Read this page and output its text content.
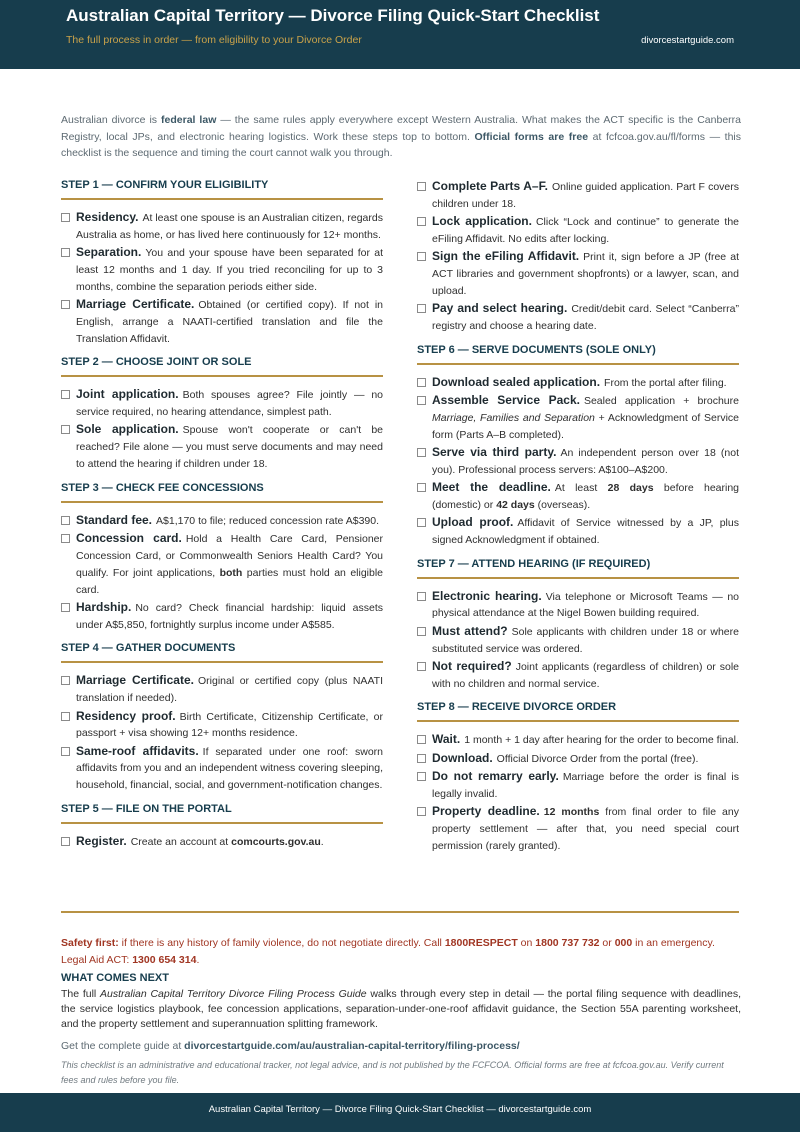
Australian Capital Territory — Divorce Filing Quick-Start Checklist
The full process in order — from eligibility to your Divorce Order	divorcestartguide.com
Australian divorce is federal law — the same rules apply everywhere except Western Australia. What makes the ACT specific is the Canberra Registry, local JPs, and electronic hearing logistics. Work these steps top to bottom. Official forms are free at fcfcoa.gov.au/fl/forms — this checklist is the sequence and timing the court cannot walk you through.
STEP 1 — CONFIRM YOUR ELIGIBILITY
Residency. At least one spouse is an Australian citizen, regards Australia as home, or has lived here continuously for 12+ months.
Separation. You and your spouse have been separated for at least 12 months and 1 day. If you tried reconciling for up to 3 months, combine the separation periods either side.
Marriage Certificate. Obtained (or certified copy). If not in English, arrange a NAATI-certified translation and file the Translation Affidavit.
STEP 2 — CHOOSE JOINT OR SOLE
Joint application. Both spouses agree? File jointly — no service required, no hearing attendance, simplest path.
Sole application. Spouse won't cooperate or can't be reached? File alone — you must serve documents and may need to attend the hearing if children under 18.
STEP 3 — CHECK FEE CONCESSIONS
Standard fee. A$1,170 to file; reduced concession rate A$390.
Concession card. Hold a Health Care Card, Pensioner Concession Card, or Commonwealth Seniors Health Card? You qualify. For joint applications, both parties must hold an eligible card.
Hardship. No card? Check financial hardship: liquid assets under A$5,850, fortnightly surplus income under A$585.
STEP 4 — GATHER DOCUMENTS
Marriage Certificate. Original or certified copy (plus NAATI translation if needed).
Residency proof. Birth Certificate, Citizenship Certificate, or passport + visa showing 12+ months residence.
Same-roof affidavits. If separated under one roof: sworn affidavits from you and an independent witness covering sleeping, household, financial, social, and government-notification changes.
STEP 5 — FILE ON THE PORTAL
Register. Create an account at comcourts.gov.au.
Complete Parts A–F. Online guided application. Part F covers children under 18.
Lock application. Click “Lock and continue” to generate the eFiling Affidavit. No edits after locking.
Sign the eFiling Affidavit. Print it, sign before a JP (free at ACT libraries and government shopfronts) or a lawyer, scan, and upload.
Pay and select hearing. Credit/debit card. Select “Canberra” registry and choose a hearing date.
STEP 6 — SERVE DOCUMENTS (SOLE ONLY)
Download sealed application. From the portal after filing.
Assemble Service Pack. Sealed application + brochure Marriage, Families and Separation + Acknowledgment of Service form (Parts A–B completed).
Serve via third party. An independent person over 18 (not you). Professional process servers: A$100–A$200.
Meet the deadline. At least 28 days before hearing (domestic) or 42 days (overseas).
Upload proof. Affidavit of Service witnessed by a JP, plus signed Acknowledgment if obtained.
STEP 7 — ATTEND HEARING (IF REQUIRED)
Electronic hearing. Via telephone or Microsoft Teams — no physical attendance at the Nigel Bowen building required.
Must attend? Sole applicants with children under 18 or where substituted service was ordered.
Not required? Joint applicants (regardless of children) or sole with no children and normal service.
STEP 8 — RECEIVE DIVORCE ORDER
Wait. 1 month + 1 day after hearing for the order to become final.
Download. Official Divorce Order from the portal (free).
Do not remarry early. Marriage before the order is final is legally invalid.
Property deadline. 12 months from final order to file any property settlement — after that, you need special court permission (rarely granted).
Safety first: if there is any history of family violence, do not negotiate directly. Call 1800RESPECT on 1800 737 732 or 000 in an emergency. Legal Aid ACT: 1300 654 314.
WHAT COMES NEXT
The full Australian Capital Territory Divorce Filing Process Guide walks through every step in detail — the portal filing sequence with deadlines, the service logistics playbook, fee concession applications, separation-under-one-roof affidavit guidance, the Section 55A parenting worksheet, and the property settlement and superannuation splitting framework.
Get the complete guide at divorcestartguide.com/au/australian-capital-territory/filing-process/
This checklist is an administrative and educational tracker, not legal advice, and is not published by the FCFCOA. Official forms are free at fcfcoa.gov.au. Verify current fees and rules before you file.
Australian Capital Territory — Divorce Filing Quick-Start Checklist — divorcestartguide.com
